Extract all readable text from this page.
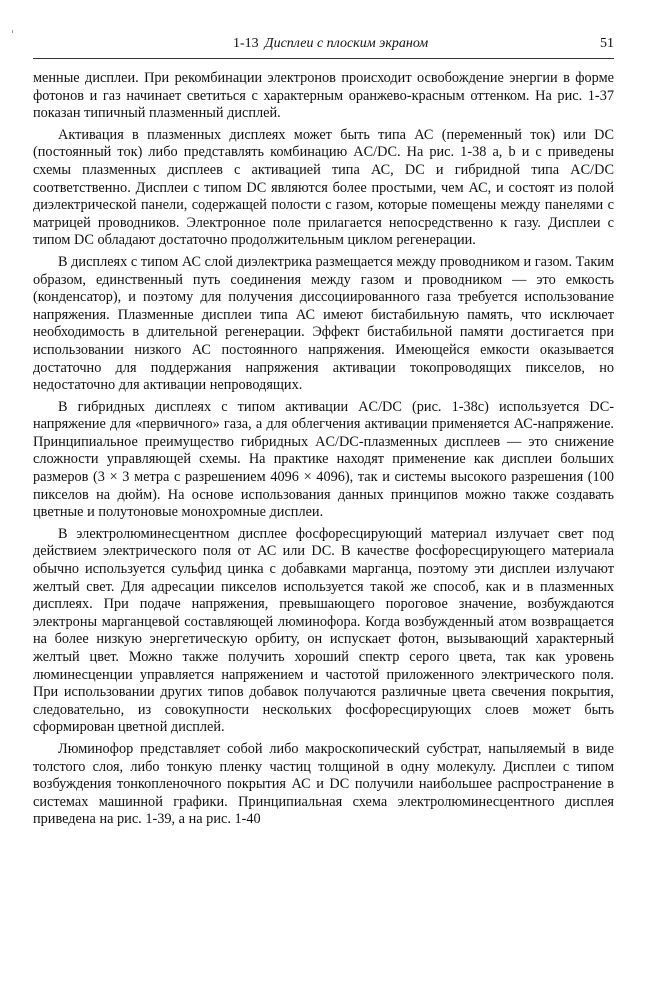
1-13 Дисплеи с плоским экраном	51

менные дисплеи. При рекомбинации электронов происходит освобождение энергии в форме фотонов и газ начинает светиться с характерным оранжево-красным оттенком. На рис. 1-37 показан типичный плазменный дисплей.

Активация в плазменных дисплеях может быть типа АС (переменный ток) или DC (постоянный ток) либо представлять комбинацию AC/DC. На рис. 1-38 a, b и c приведены схемы плазменных дисплеев с активацией типа АС, DC и гибридной типа AC/DC соответственно. Дисплеи с типом DC являются более простыми, чем АС, и состоят из полой диэлектрической панели, содержащей полости с газом, которые помещены между панелями с матрицей проводников. Электронное поле прилагается непосредственно к газу. Дисплеи с типом DC обладают достаточно продолжительным циклом регенерации.

В дисплеях с типом АС слой диэлектрика размещается между проводником и газом. Таким образом, единственный путь соединения между газом и проводником — это емкость (конденсатор), и поэтому для получения диссоциированного газа требуется использование напряжения. Плазменные дисплеи типа АС имеют бистабильную память, что исключает необходимость в длительной регенерации. Эффект бистабильной памяти достигается при использовании низкого АС постоянного напряжения. Имеющейся емкости оказывается достаточно для поддержания напряжения активации токопроводящих пикселов, но недостаточно для активации непроводящих.

В гибридных дисплеях с типом активации AC/DC (рис. 1-38c) используется DC-напряжение для «первичного» газа, а для облегчения активации применяется АС-напряжение. Принципиальное преимущество гибридных AC/DC-плазменных дисплеев — это снижение сложности управляющей схемы. На практике находят применение как дисплеи больших размеров (3 × 3 метра с разрешением 4096 × 4096), так и системы высокого разрешения (100 пикселов на дюйм). На основе использования данных принципов можно также создавать цветные и полутоновые монохромные дисплеи.

В электролюминесцентном дисплее фосфоресцирующий материал излучает свет под действием электрического поля от АС или DC. В качестве фосфоресцирующего материала обычно используется сульфид цинка с добавками марганца, поэтому эти дисплеи излучают желтый свет. Для адресации пикселов используется такой же способ, как и в плазменных дисплеях. При подаче напряжения, превышающего пороговое значение, возбуждаются электроны марганцевой составляющей люминофора. Когда возбужденный атом возвращается на более низкую энергетическую орбиту, он испускает фотон, вызывающий характерный желтый цвет. Можно также получить хороший спектр серого цвета, так как уровень люминесценции управляется напряжением и частотой приложенного электрического поля. При использовании других типов добавок получаются различные цвета свечения покрытия, следовательно, из совокупности нескольких фосфоресцирующих слоев может быть сформирован цветной дисплей.

Люминофор представляет собой либо макроскопический субстрат, напыляемый в виде толстого слоя, либо тонкую пленку частиц толщиной в одну молекулу. Дисплеи с типом возбуждения тонкопленочного покрытия АС и DC получили наибольшее распространение в системах машинной графики. Принципиальная схема электролюминесцентного дисплея приведена на рис. 1-39, а на рис. 1-40
